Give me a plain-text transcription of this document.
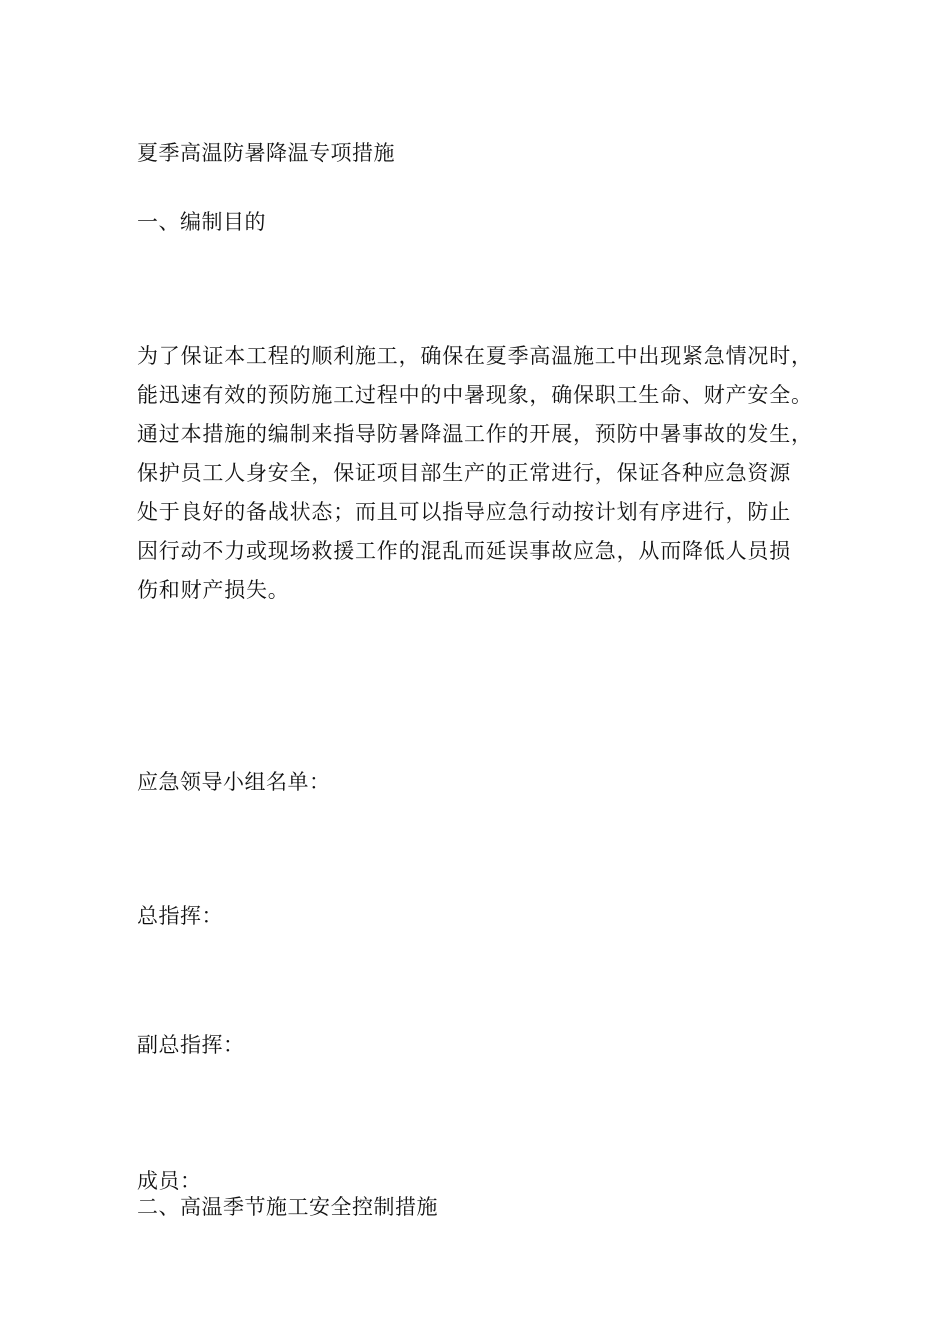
夏季高温防暑降温专项措施
一、编制目的
为了保证本工程的顺利施工，确保在夏季高温施工中出现紧急情况时，
能迅速有效的预防施工过程中的中暑现象，确保职工生命、财产安全。
通过本措施的编制来指导防暑降温工作的开展，预防中暑事故的发生，
保护员工人身安全，保证项目部生产的正常进行，保证各种应急资源
处于良好的备战状态；而且可以指导应急行动按计划有序进行，防止
因行动不力或现场救援工作的混乱而延误事故应急，从而降低人员损
伤和财产损失。
应急领导小组名单：
总指挥：
副总指挥：
成员：
二、高温季节施工安全控制措施
